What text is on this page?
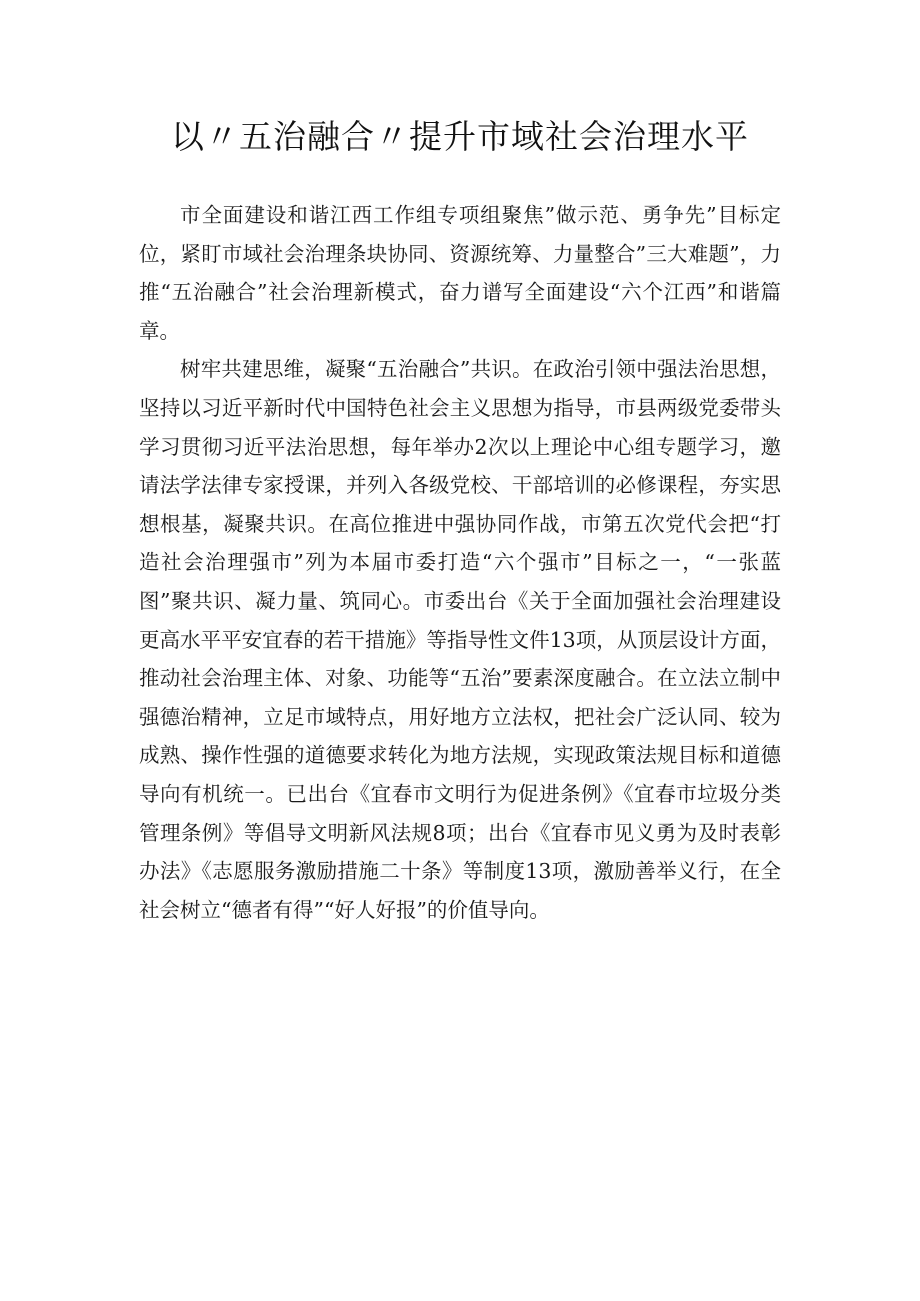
以〃五治融合〃提升市域社会治理水平

市全面建设和谐江西工作组专项组聚焦”做示范、勇争先”目标定位，紧盯市域社会治理条块协同、资源统筹、力量整合”三大难题”，力推“五治融合”社会治理新模式，奋力谱写全面建设“六个江西”和谐篇章。

树牢共建思维，凝聚“五治融合”共识。在政治引领中强法治思想，坚持以习近平新时代中国特色社会主义思想为指导，市县两级党委带头学习贯彻习近平法治思想，每年举办2次以上理论中心组专题学习，邀请法学法律专家授课，并列入各级党校、干部培训的必修课程，夯实思想根基，凝聚共识。在高位推进中强协同作战，市第五次党代会把“打造社会治理强市”列为本届市委打造“六个强市”目标之一，“一张蓝图”聚共识、凝力量、筑同心。市委出台《关于全面加强社会治理建设更高水平平安宜春的若干措施》等指导性文件13项，从顶层设计方面，推动社会治理主体、对象、功能等“五治”要素深度融合。在立法立制中强德治精神，立足市域特点，用好地方立法权，把社会广泛认同、较为成熟、操作性强的道德要求转化为地方法规，实现政策法规目标和道德导向有机统一。已出台《宜春市文明行为促进条例》《宜春市垃圾分类管理条例》等倡导文明新风法规8项；出台《宜春市见义勇为及时表彰办法》《志愿服务激励措施二十条》等制度13项，激励善举义行，在全社会树立“德者有得”“好人好报”的价值导向。
